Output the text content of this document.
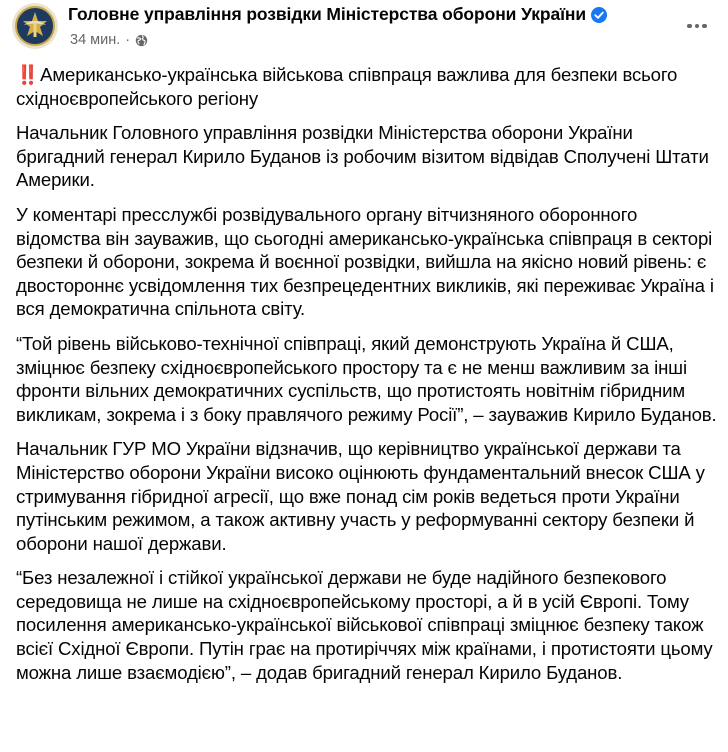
Головне управління розвідки Міністерства оборони України
34 мин. ·

‼️ Американсько-українська військова співпраця важлива для безпеки всього східноєвропейського регіону

Начальник Головного управління розвідки Міністерства оборони України бригадний генерал Кирило Буданов із робочим візитом відвідав Сполучені Штати Америки.

У коментарі пресслужбі розвідувального органу вітчизняного оборонного відомства він зауважив, що сьогодні американсько-українська співпраця в секторі безпеки й оборони, зокрема й воєнної розвідки, вийшла на якісно новий рівень: є двостороннє усвідомлення тих безпрецедентних викликів, які переживає Україна і вся демократична спільнота світу.

“Той рівень військово-технічної співпраці, який демонструють Україна й США, зміцнює безпеку східноєвропейського простору та є не менш важливим за інші фронти вільних демократичних суспільств, що протистоять новітнім гібридним викликам, зокрема і з боку правлячого режиму Росії”, – зауважив Кирило Буданов.

Начальник ГУР МО України відзначив, що керівництво української держави та Міністерство оборони України високо оцінюють фундаментальний внесок США у стримування гібридної агресії, що вже понад сім років ведеться проти України путінським режимом, а також активну участь у реформуванні сектору безпеки й оборони нашої держави.

“Без незалежної і стійкої української держави не буде надійного безпекового середовища не лише на східноєвропейському просторі, а й в усій Європі. Тому посилення американсько-української військової співпраці зміцнює безпеку також всієї Східної Європи. Путін грає на протиріччях між країнами, і протистояти цьому можна лише взаємодією”, – додав бригадний генерал Кирило Буданов.
